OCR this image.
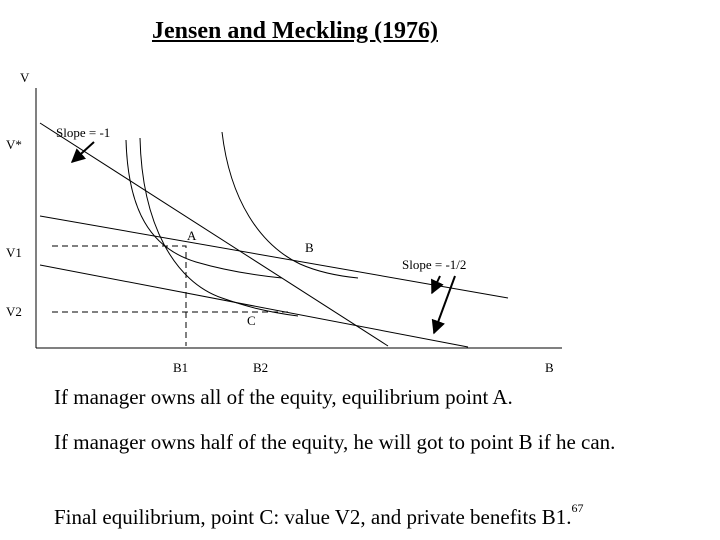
Jensen and Meckling (1976)
V
V*
V1
V2
B1	B2	B
A
B
C
Slope = -1
Slope = -1/2
If manager owns all of the equity, equilibrium point A.
If manager owns half of the equity, he will got to point B if he can.
Final equilibrium, point C: value V2, and private benefits B1.67
